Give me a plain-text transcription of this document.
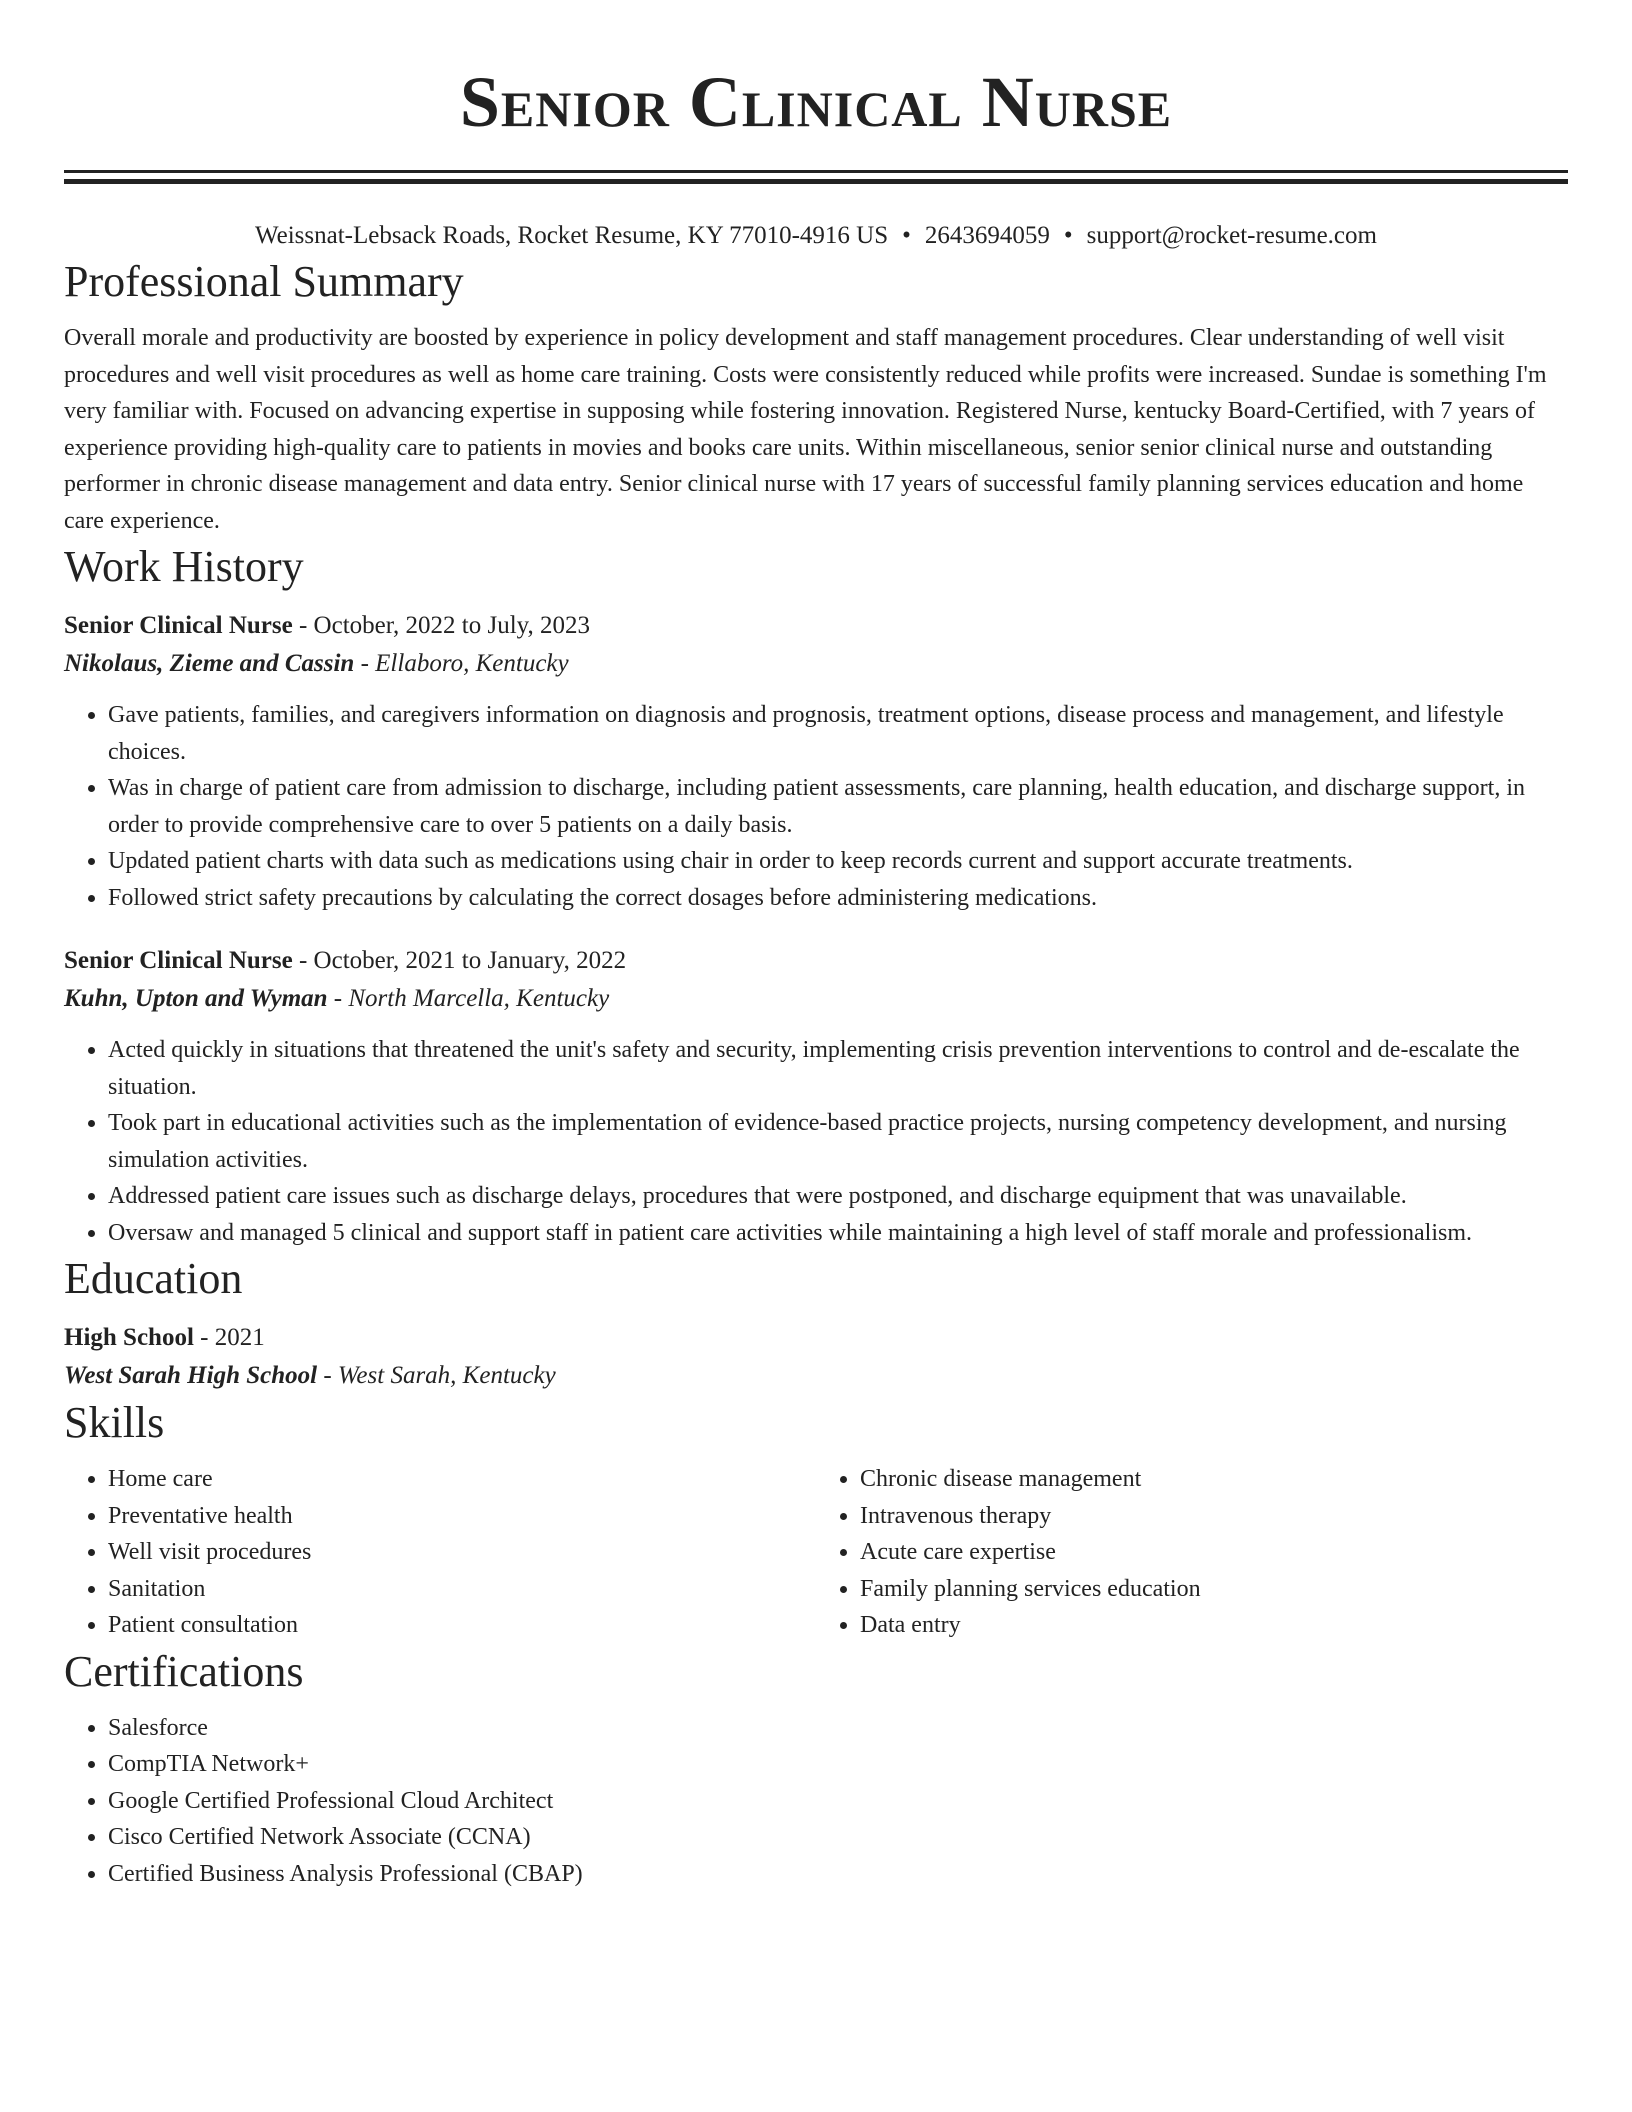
Senior Clinical Nurse
Weissnat-Lebsack Roads, Rocket Resume, KY 77010-4916 US • 2643694059 • support@rocket-resume.com
Professional Summary

Overall morale and productivity are boosted by experience in policy development and staff management procedures. Clear understanding of well visit procedures and well visit procedures as well as home care training. Costs were consistently reduced while profits were increased. Sundae is something I'm very familiar with. Focused on advancing expertise in supposing while fostering innovation. Registered Nurse, kentucky Board-Certified, with 7 years of experience providing high-quality care to patients in movies and books care units. Within miscellaneous, senior senior clinical nurse and outstanding performer in chronic disease management and data entry. Senior clinical nurse with 17 years of successful family planning services education and home care experience.

Work History
Senior Clinical Nurse - October, 2022 to July, 2023
Nikolaus, Zieme and Cassin - Ellaboro, Kentucky
• Gave patients, families, and caregivers information on diagnosis and prognosis, treatment options, disease process and management, and lifestyle choices.
• Was in charge of patient care from admission to discharge, including patient assessments, care planning, health education, and discharge support, in order to provide comprehensive care to over 5 patients on a daily basis.
• Updated patient charts with data such as medications using chair in order to keep records current and support accurate treatments.
• Followed strict safety precautions by calculating the correct dosages before administering medications.
Senior Clinical Nurse - October, 2021 to January, 2022
Kuhn, Upton and Wyman - North Marcella, Kentucky
• Acted quickly in situations that threatened the unit's safety and security, implementing crisis prevention interventions to control and de-escalate the situation.
• Took part in educational activities such as the implementation of evidence-based practice projects, nursing competency development, and nursing simulation activities.
• Addressed patient care issues such as discharge delays, procedures that were postponed, and discharge equipment that was unavailable.
• Oversaw and managed 5 clinical and support staff in patient care activities while maintaining a high level of staff morale and professionalism.
Education
High School - 2021
West Sarah High School - West Sarah, Kentucky
Skills
• Home care
• Preventative health
• Well visit procedures
• Sanitation
• Patient consultation
• Chronic disease management
• Intravenous therapy
• Acute care expertise
• Family planning services education
• Data entry
Certifications
• Salesforce
• CompTIA Network+
• Google Certified Professional Cloud Architect
• Cisco Certified Network Associate (CCNA)
• Certified Business Analysis Professional (CBAP)
